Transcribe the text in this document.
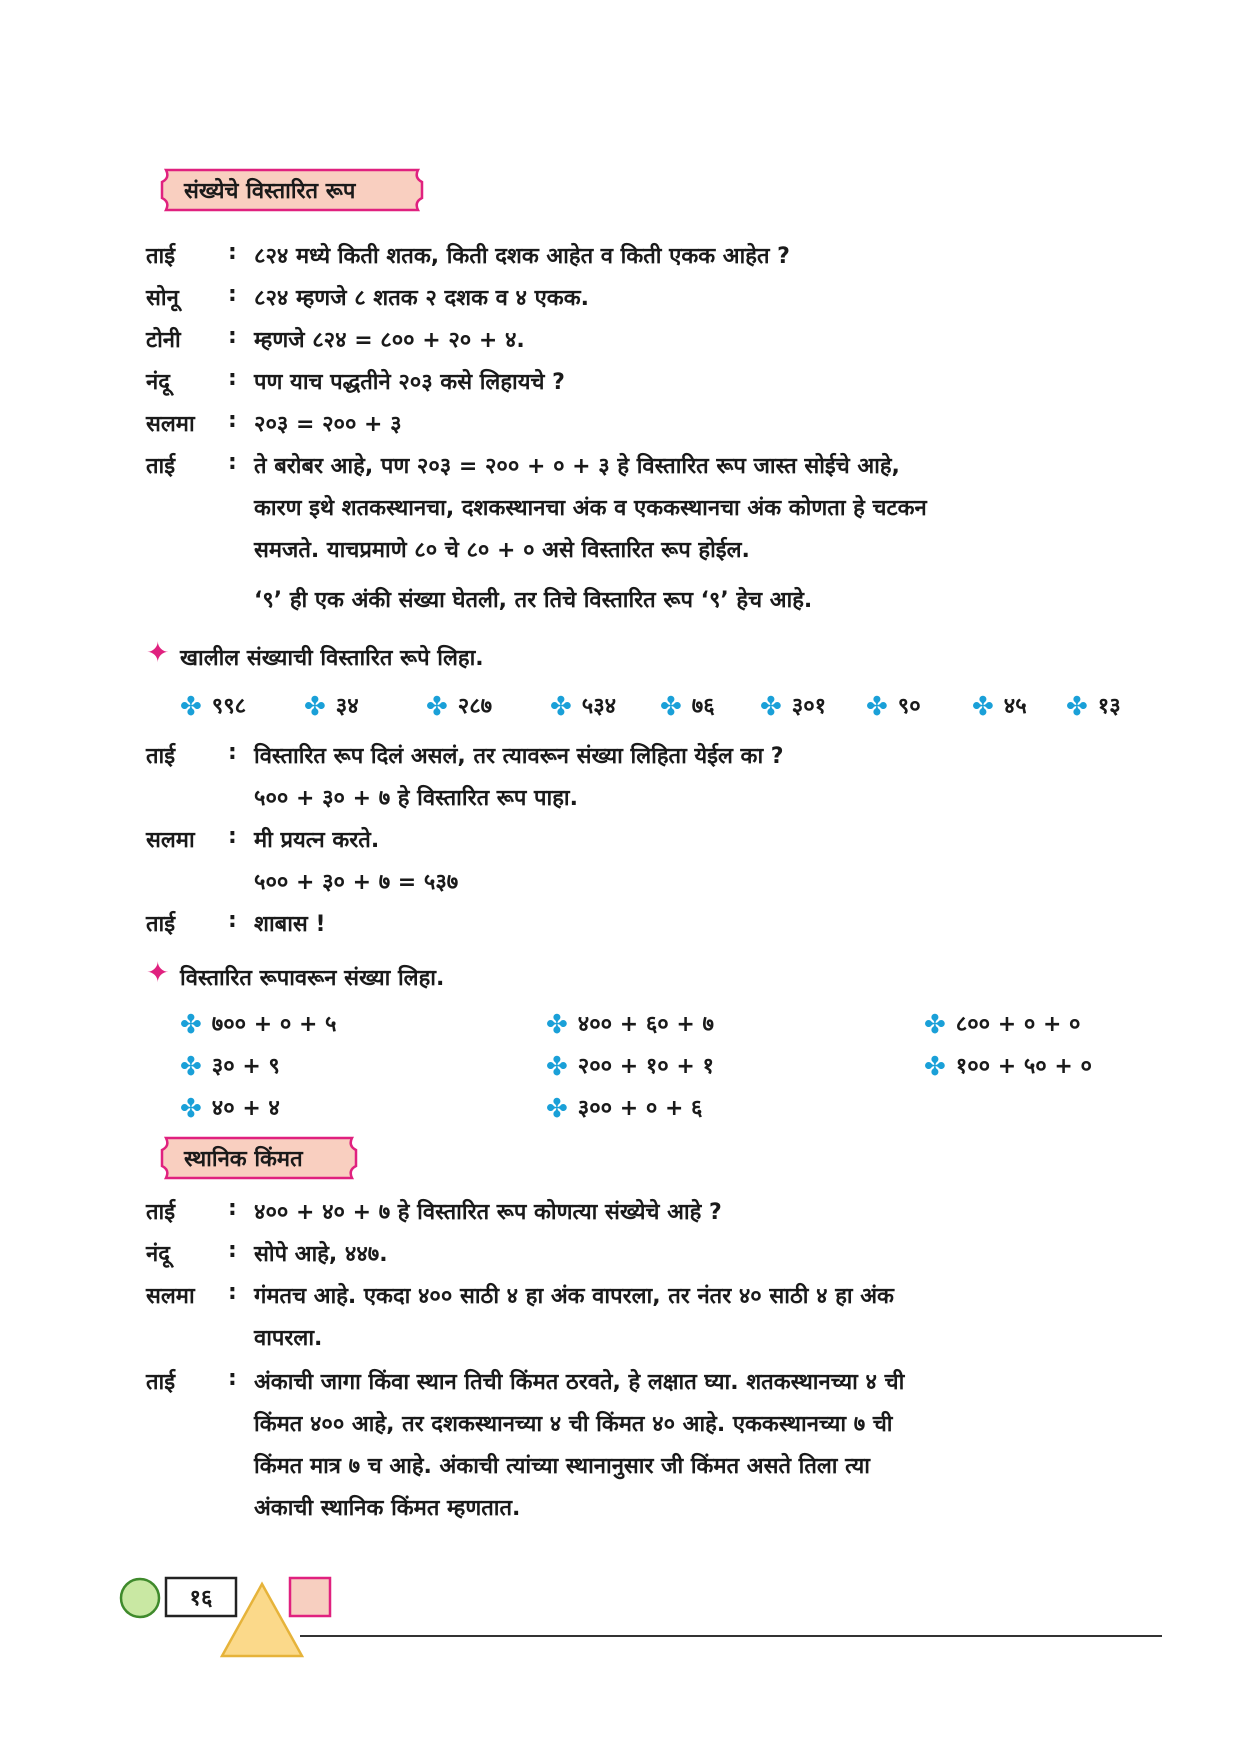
संख्येचे विस्तारित रूप
ताई : ८२४ मध्ये किती शतक, किती दशक आहेत व किती एकक आहेत ?
सोनू : ८२४ म्हणजे ८ शतक २ दशक व ४ एकक.
टोनी : म्हणजे ८२४ = ८०० + २० + ४.
नंदू	: पण याच पद्धतीने २०३ कसे लिहायचे ?
सलमा : २०३ = २०० + ३
ताई : ते बरोबर आहे, पण २०३ = २०० + ० + ३ हे विस्तारित रूप जास्त सोईचे आहे,
कारण इथे शतकस्थानचा, दशकस्थानचा अंक व एककस्थानचा अंक कोणता हे चटकन
समजते. याचप्रमाणे ८० चे ८० + ० असे विस्तारित रूप होईल.
‘९’ ही एक अंकी संख्या घेतली, तर तिचे विस्तारित रूप ‘९’ हेच आहे.
✦ खालील संख्याची विस्तारित रूपे लिहा.
✤ ९९८ ✤ ३४	✤ २८७ ✤ ५३४ ✤ ७६ ✤ ३०१ ✤ ९० ✤ ४५ ✤ १३
ताई : विस्तारित रूप दिलं असलं, तर त्यावरून संख्या लिहिता येईल का ?
५०० + ३० + ७ हे विस्तारित रूप पाहा.
सलमा : मी प्रयत्न करते.
५०० + ३० + ७ = ५३७
ताई : शाबास !
✦ विस्तारित रूपावरून संख्या लिहा.
✤ ७०० + ० + ५
✤ ३० + ९
✤ ४० + ४
✤ ४०० + ६० + ७
✤ २०० + १० + १
✤ ३०० + ० + ६
✤ ८०० + ० + ०
✤ १०० + ५० + ०
स्थानिक किंमत
ताई : ४०० + ४० + ७ हे विस्तारित रूप कोणत्या संख्येचे आहे ?
नंदू	: सोपे आहे, ४४७.
सलमा : गंमतच आहे. एकदा ४०० साठी ४ हा अंक वापरला, तर नंतर ४० साठी ४ हा अंक
वापरला.
ताई : अंकाची जागा किंवा स्थान तिची किंमत ठरवते, हे लक्षात घ्या. शतकस्थानच्या ४ ची
किंमत ४०० आहे, तर दशकस्थानच्या ४ ची किंमत ४० आहे. एककस्थानच्या ७ ची
किंमत मात्र ७ च आहे. अंकाची त्यांच्या स्थानानुसार जी किंमत असते तिला त्या
अंकाची स्थानिक किंमत म्हणतात.
१६
